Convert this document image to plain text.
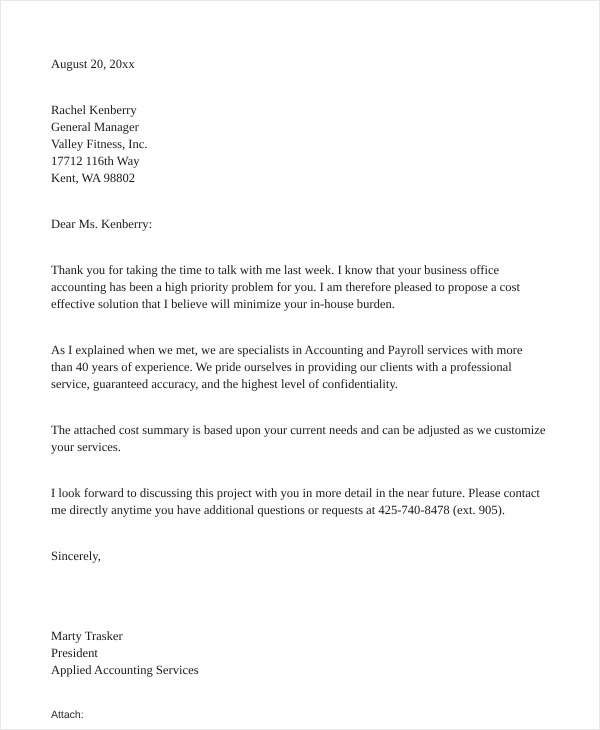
August 20, 20xx

Rachel Kenberry

General Manager

Valley Fitness, Inc.

17712 116th Way

Kent, WA 98802

Dear Ms. Kenberry:

Thank you for taking the time to talk with me last week. I know that your business office accounting has been a high priority problem for you. I am therefore pleased to propose a cost effective solution that I believe will minimize your in-house burden.

As I explained when we met, we are specialists in Accounting and Payroll services with more than 40 years of experience. We pride ourselves in providing our clients with a professional service, guaranteed accuracy, and the highest level of confidentiality.

The attached cost summary is based upon your current needs and can be adjusted as we customize your services.

I look forward to discussing this project with you in more detail in the near future. Please contact me directly anytime you have additional questions or requests at 425-740-8478 (ext. 905).

Sincerely,

Marty Trasker

President

Applied Accounting Services

Attach:
